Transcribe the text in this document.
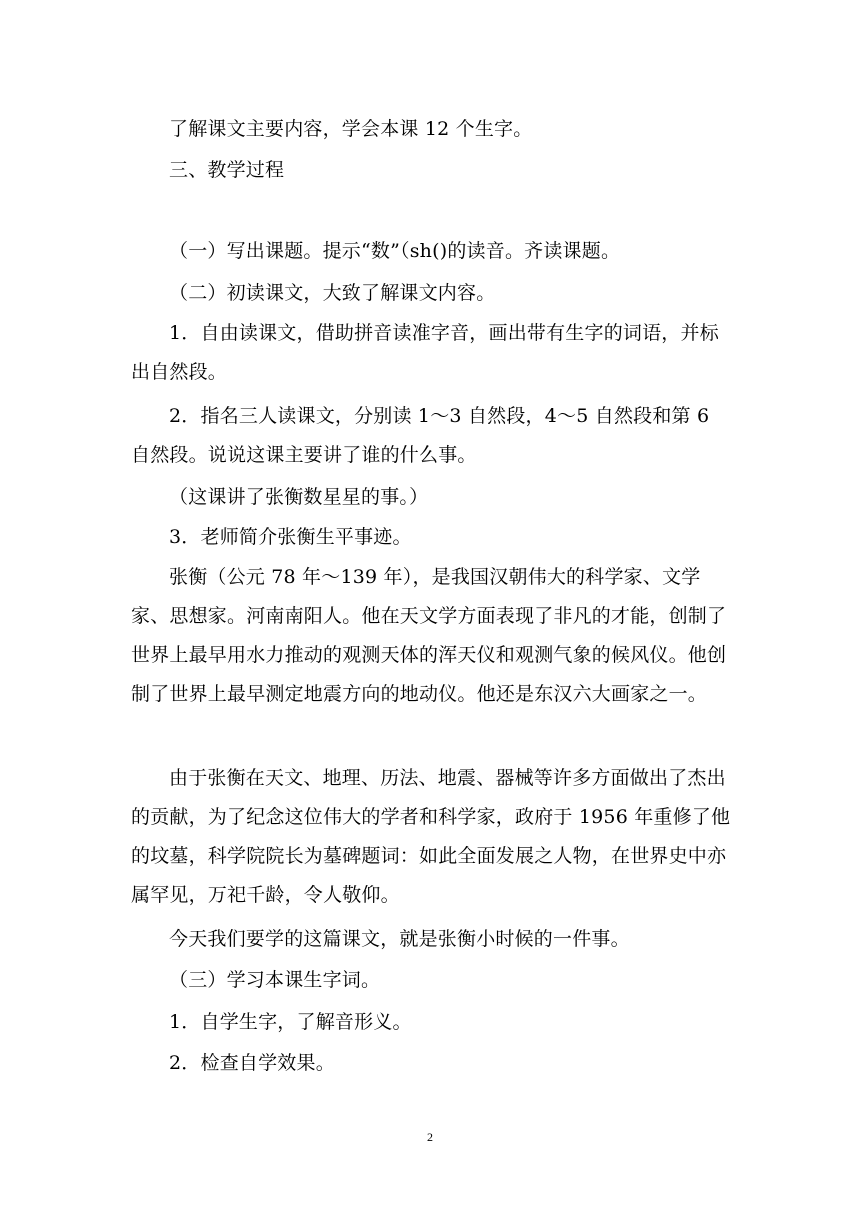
了解课文主要内容，学会本课 12 个生字。

三、教学过程

（一）写出课题。提示“数”（sh()的读音。齐读课题。

（二）初读课文，大致了解课文内容。

1．自由读课文，借助拼音读准字音，画出带有生字的词语，并标出自然段。

2．指名三人读课文，分别读 1～3 自然段，4～5 自然段和第 6 自然段。说说这课主要讲了谁的什么事。

（这课讲了张衡数星星的事。）

3．老师简介张衡生平事迹。

张衡（公元 78 年～139 年），是我国汉朝伟大的科学家、文学家、思想家。河南南阳人。他在天文学方面表现了非凡的才能，创制了世界上最早用水力推动的观测天体的浑天仪和观测气象的候风仪。他创制了世界上最早测定地震方向的地动仪。他还是东汉六大画家之一。

由于张衡在天文、地理、历法、地震、器械等许多方面做出了杰出的贡献，为了纪念这位伟大的学者和科学家，政府于 1956 年重修了他的坟墓，科学院院长为墓碑题词：如此全面发展之人物，在世界史中亦属罕见，万祀千龄，令人敬仰。

今天我们要学的这篇课文，就是张衡小时候的一件事。

（三）学习本课生字词。

1．自学生字，了解音形义。

2．检查自学效果。

2
